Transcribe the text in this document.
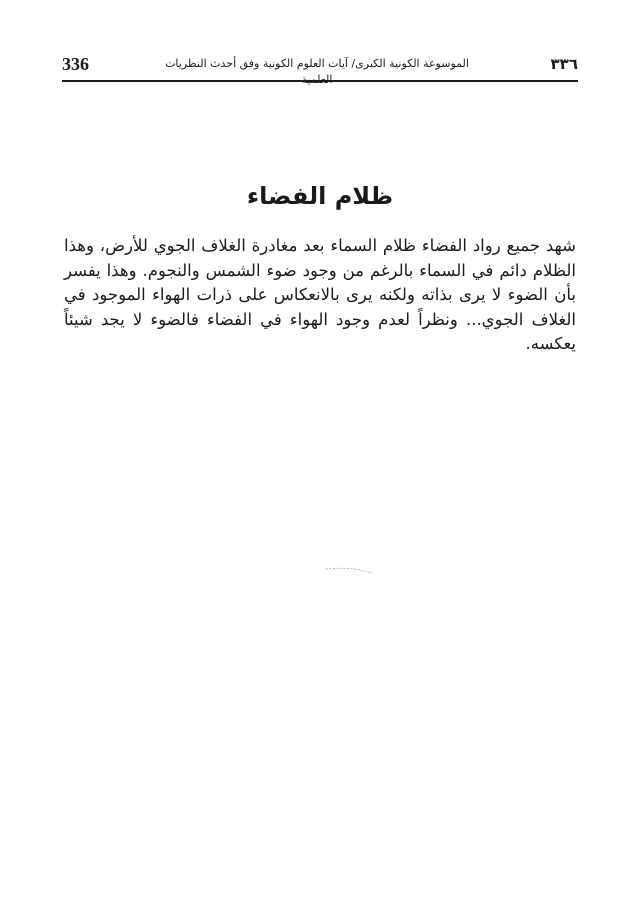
336	الموسوعة الكونية الكبرى/ آيات العلوم الكونية وفق أحدث النظريات العلمية
٣٣٦
ظلام الفضاء

شهد جميع رواد الفضاء ظلام السماء بعد مغادرة الغلاف الجوي للأرض، وهذا الظلام دائم في السماء بالرغم من وجود ضوء الشمس والنجوم. وهذا يفسر بأن الضوء لا يرى بذاته ولكنه يرى بالانعكاس على ذرات الهواء الموجود في الغلاف الجوي... ونظراً لعدم وجود الهواء في الفضاء فالضوء لا يجد شيئاً يعكسه.
